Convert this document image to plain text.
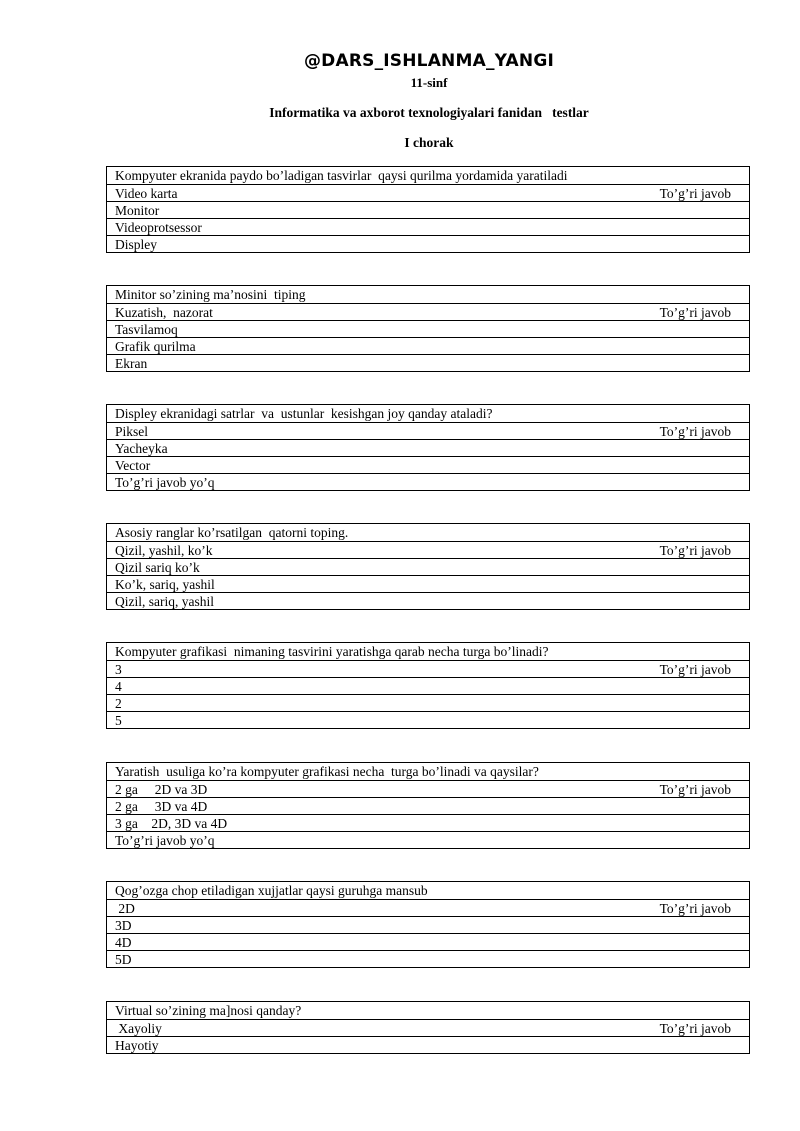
@DARS_ISHLANMA_YANGI
11-sinf
Informatika va axborot texnologiyalari fanidan   testlar
I chorak
Kompyuter ekranida paydo bo’ladigan tasvirlar  qaysi qurilma yordamida yaratiladi
Video karta	To’g’ri javob
Monitor
Videoprotsessor
Displey
Minitor so’zining ma’nosini  tiping
Kuzatish,  nazorat	To’g’ri javob
Tasvilamoq
Grafik qurilma
Ekran
Displey ekranidagi satrlar  va  ustunlar  kesishgan joy qanday ataladi?
Piksel	To’g’ri javob
Yacheyka
Vector
To’g’ri javob yo’q
Asosiy ranglar ko’rsatilgan  qatorni toping.
Qizil, yashil, ko’k	To’g’ri javob
Qizil sariq ko’k
Ko’k, sariq, yashil
Qizil, sariq, yashil
Kompyuter grafikasi  nimaning tasvirini yaratishga qarab necha turga bo’linadi?
3	To’g’ri javob
4
2
5
Yaratish  usuliga ko’ra kompyuter grafikasi necha  turga bo’linadi va qaysilar?
2 ga     2D va 3D	To’g’ri javob
2 ga     3D va 4D
3 ga    2D, 3D va 4D
To’g’ri javob yo’q
Qog’ozga chop etiladigan xujjatlar qaysi guruhga mansub
2D	To’g’ri javob
3D
4D
5D
Virtual so’zining ma]nosi qanday?
Xayoliy	To’g’ri javob
Hayotiy
